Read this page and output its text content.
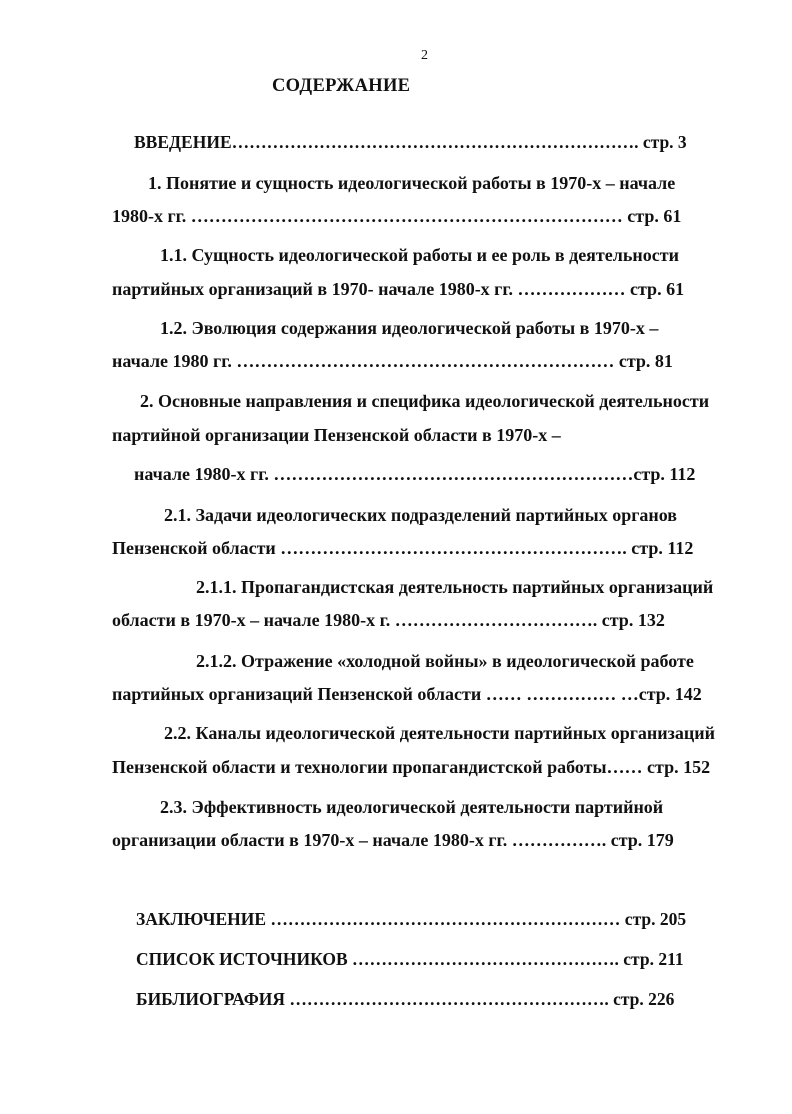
2
СОДЕРЖАНИЕ
ВВЕДЕНИЕ……………………………………………………………. стр. 3
1. Понятие и сущность идеологической работы в 1970-х – начале
1980-х гг. ……………………………………………………………… стр. 61
1.1. Сущность идеологической работы и ее роль в деятельности
партийных организаций в 1970- начале 1980-х гг. ……………… стр. 61
1.2. Эволюция содержания идеологической работы в 1970-х –
начале 1980 гг. ……………………………………………………… стр. 81
2. Основные направления и специфика идеологической деятельности
партийной организации Пензенской области в 1970-х –
начале 1980-х гг. ……………………………………………………стр. 112
2.1. Задачи идеологических подразделений партийных органов
Пензенской области …………………………………………………. стр. 112
2.1.1. Пропагандистская деятельность партийных организаций
области в 1970-х – начале 1980-х г. ……………………………. стр. 132
2.1.2. Отражение «холодной войны» в идеологической работе
партийных организаций Пензенской области …… …………… …стр. 142
2.2. Каналы идеологической деятельности партийных организаций
Пензенской области и технологии пропагандистской работы…… стр. 152
2.3. Эффективность идеологической деятельности партийной
организации области в 1970-х – начале 1980-х гг. ……………. стр. 179
ЗАКЛЮЧЕНИЕ …………………………………………………… стр. 205
СПИСОК ИСТОЧНИКОВ ………………………………………. стр. 211
БИБЛИОГРАФИЯ ………………………………………………. стр. 226
